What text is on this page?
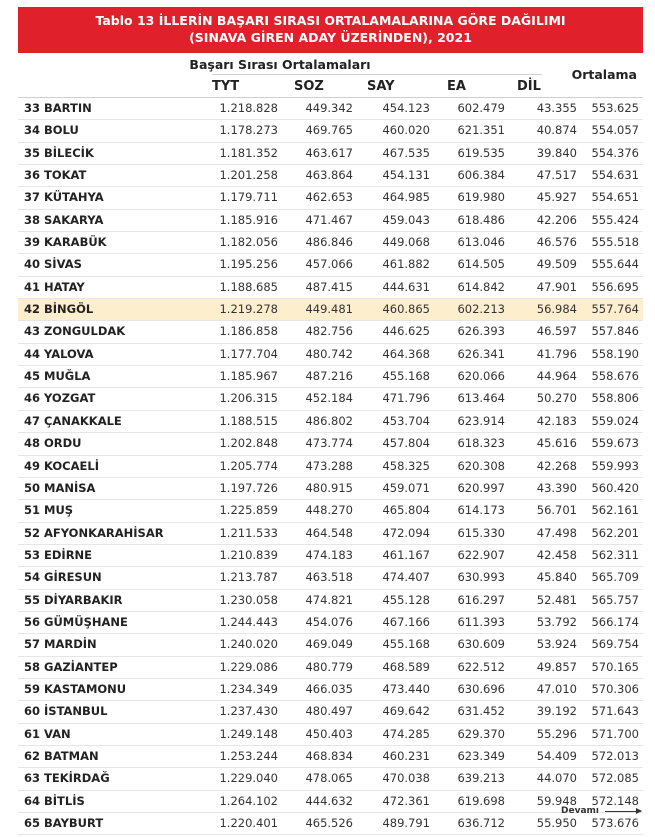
Tablo 13 İLLERİN BAŞARI SIRASI ORTALAMALARINA GÖRE DAĞILIMI
(SINAVA GİREN ADAY ÜZERİNDEN), 2021
Başarı Sırası Ortalamaları
TYT	SOZ	SAY	EA	DİL
Ortalama
33 BARTIN	1.218.828 449.342	454.123 602.479	43.355 553.625
34 BOLU	1.178.273 469.765	460.020 621.351	40.874 554.057
35 BİLECİK	1.181.352 463.617	467.535 619.535	39.840 554.376
36 TOKAT	1.201.258 463.864	454.131 606.384	47.517 554.631
37 KÜTAHYA	1.179.711 462.653	464.985 619.980	45.927 554.651
38 SAKARYA	1.185.916 471.467	459.043 618.486	42.206 555.424
39 KARABÜK	1.182.056 486.846	449.068 613.046	46.576 555.518
40 SİVAS	1.195.256 457.066	461.882 614.505	49.509 555.644
41 HATAY	1.188.685 487.415	444.631 614.842	47.901 556.695
42 BİNGÖL	1.219.278 449.481	460.865 602.213	56.984 557.764
43 ZONGULDAK	1.186.858 482.756	446.625 626.393	46.597 557.846
44 YALOVA	1.177.704 480.742	464.368 626.341	41.796 558.190
45 MUĞLA	1.185.967 487.216	455.168 620.066	44.964 558.676
46 YOZGAT	1.206.315 452.184	471.796 613.464	50.270 558.806
47 ÇANAKKALE	1.188.515 486.802	453.704 623.914	42.183 559.024
48 ORDU	1.202.848 473.774	457.804 618.323	45.616 559.673
49 KOCAELİ	1.205.774 473.288	458.325 620.308	42.268 559.993
50 MANİSA	1.197.726 480.915	459.071 620.997	43.390 560.420
51 MUŞ	1.225.859 448.270	465.804 614.173	56.701 562.161
52 AFYONKARAHİSAR	1.211.533 464.548	472.094 615.330	47.498 562.201
53 EDİRNE	1.210.839 474.183	461.167 622.907	42.458 562.311
54 GİRESUN	1.213.787 463.518	474.407 630.993	45.840 565.709
55 DİYARBAKIR	1.230.058 474.821	455.128 616.297	52.481 565.757
56 GÜMÜŞHANE	1.244.443 454.076	467.166 611.393	53.792 566.174
57 MARDİN	1.240.020 469.049	455.168 630.609	53.924 569.754
58 GAZİANTEP	1.229.086 480.779	468.589 622.512	49.857 570.165
59 KASTAMONU	1.234.349 466.035	473.440 630.696	47.010 570.306
60 İSTANBUL	1.237.430 480.497	469.642 631.452	39.192 571.643
61 VAN	1.249.148 450.403	474.285 629.370	55.296 571.700
62 BATMAN	1.253.244 468.834	460.231 623.349	54.409 572.013
63 TEKİRDAĞ	1.229.040 478.065	470.038 639.213	44.070 572.085
64 BİTLİS	1.264.102 444.632	472.361 619.698	59.948 572.148
65 BAYBURT	1.220.401 465.526	489.791 636.712	55.950 573.676
Devamı
